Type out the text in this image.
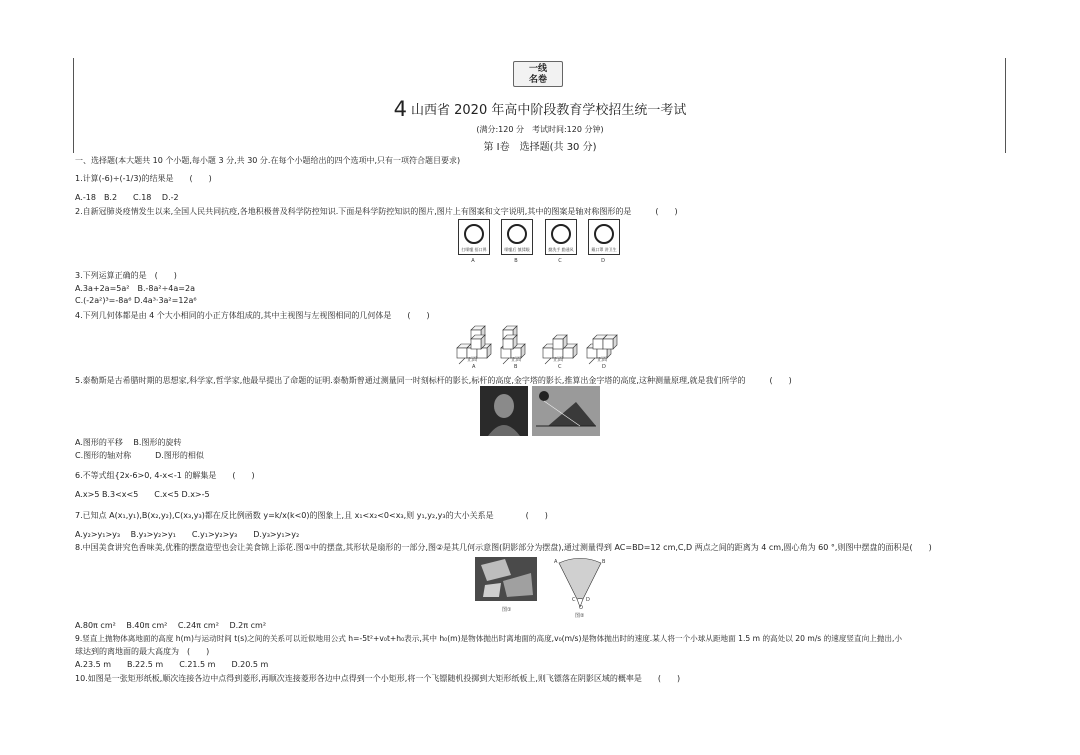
一线
名卷
4 山西省 2020 年高中阶段教育学校招生统一考试
(满分:120 分　考试时间:120 分钟)
第 Ⅰ卷　选择题(共 30 分)
一、选择题(本大题共 10 个小题,每小题 3 分,共 30 分.在每个小题给出的四个选项中,只有一项符合题目要求)
1.计算(-6)÷(-1/3)的结果是　　(　　)
A.-18　B.2　　C.18　 D.-2
2.自新冠肺炎疫情发生以来,全国人民共同抗疫,各地积极普及科学防控知识.下面是科学防控知识的图片,图片上有图案和文字说明,其中的图案是轴对称图形的是　　　(　　)
打喷嚏 捂口鼻	喷嚏后 慎揉眼	勤洗手 勤通风	戴口罩 讲卫生
A	B	C	D
3.下列运算正确的是　(　　)
A.3a+2a=5a²　B.-8a²÷4a=2a
C.(-2a²)³=-8a⁶ D.4a³·3a²=12a⁶
4.下列几何体都是由 4 个大小相同的小正方体组成的,其中主视图与左视图相同的几何体是　　(　　)
正面	正面	正面	正面
A	B	C	D
5.泰勒斯是古希腊时期的思想家,科学家,哲学家,他最早提出了命题的证明.泰勒斯曾通过测量同一时刻标杆的影长,标杆的高度,金字塔的影长,推算出金字塔的高度,这种测量原理,就是我们所学的　　　(　　)
A.图形的平移　 B.图形的旋转
C.图形的轴对称　　　D.图形的相似
6.不等式组{2x-6>0, 4-x<-1 的解集是　　(　　)
A.x>5 B.3<x<5　　C.x<5 D.x>-5
7.已知点 A(x₁,y₁),B(x₂,y₂),C(x₃,y₃)都在反比例函数 y=k/x(k<0)的图象上,且 x₁<x₂<0<x₃,则 y₁,y₂,y₃的大小关系是　　　　(　　)
A.y₂>y₁>y₃　 B.y₃>y₂>y₁　　C.y₁>y₂>y₃　　D.y₃>y₁>y₂
8.中国美食讲究色香味美,优雅的摆盘造型也会让美食锦上添花.图①中的摆盘,其形状是扇形的一部分,图②是其几何示意图(阴影部分为摆盘),通过测量得到 AC=BD=12 cm,C,D 两点之间的距离为 4 cm,圆心角为 60 °,则图中摆盘的面积是(　　)
A	B
C D
O
图①
图②
A.80π cm²　 B.40π cm²　 C.24π cm²　 D.2π cm²
9.竖直上抛物体离地面的高度 h(m)与运动时间 t(s)之间的关系可以近似地用公式 h=-5t²+v₀t+h₀表示,其中 h₀(m)是物体抛出时离地面的高度,v₀(m/s)是物体抛出时的速度.某人将一个小球从距地面 1.5 m 的高处以 20 m/s 的速度竖直向上抛出,小
球达到的离地面的最大高度为　(　　)
A.23.5 m　　B.22.5 m　　C.21.5 m　　D.20.5 m
10.如图是一张矩形纸板,顺次连接各边中点得到菱形,再顺次连接菱形各边中点得到一个小矩形,将一个飞镖随机投掷到大矩形纸板上,则飞镖落在阴影区域的概率是　　(　　)
